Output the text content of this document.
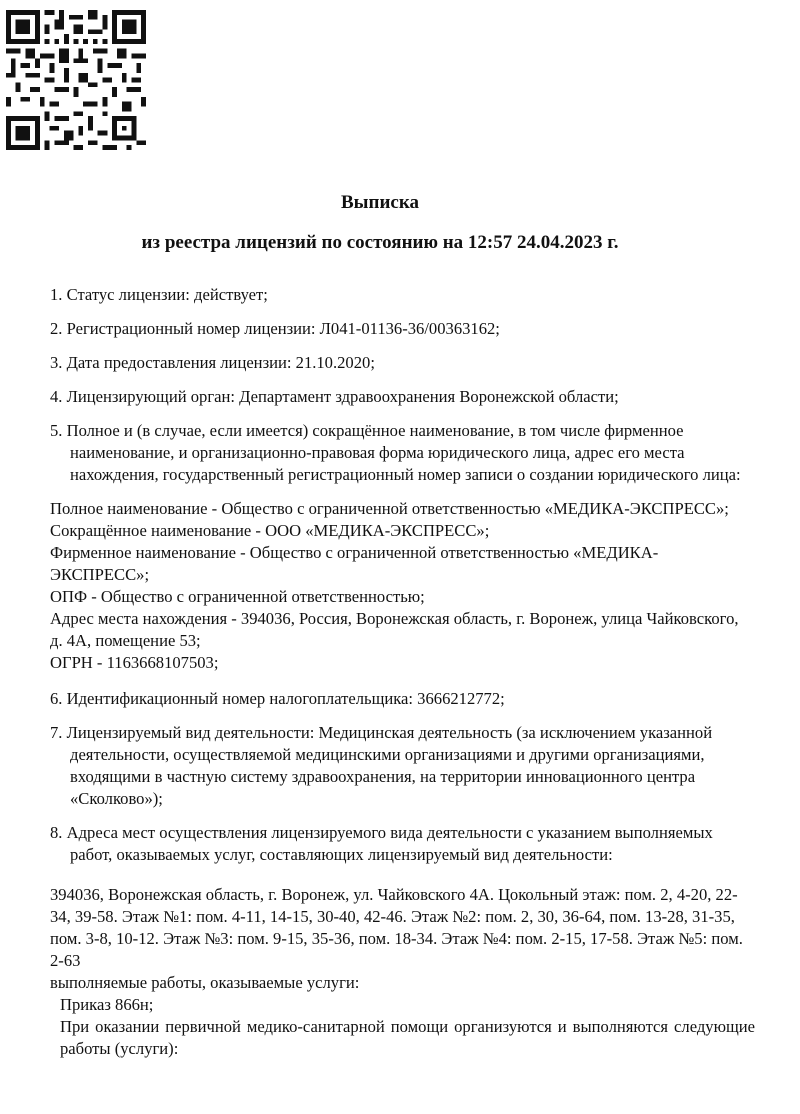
Выписка
из реестра лицензий по состоянию на 12:57 24.04.2023 г.
1. Статус лицензии: действует;
2. Регистрационный номер лицензии: Л041-01136-36/00363162;
3. Дата предоставления лицензии: 21.10.2020;
4. Лицензирующий орган: Департамент здравоохранения Воронежской области;
5. Полное и (в случае, если имеется) сокращённое наименование, в том числе фирменное наименование, и организационно-правовая форма юридического лица, адрес его места нахождения, государственный регистрационный номер записи о создании юридического лица:
Полное наименование - Общество с ограниченной ответственностью «МЕДИКА-ЭКСПРЕСС»;
Сокращённое наименование - ООО «МЕДИКА-ЭКСПРЕСС»;
Фирменное наименование - Общество с ограниченной ответственностью «МЕДИКА-ЭКСПРЕСС»;
ОПФ - Общество с ограниченной ответственностью;
Адрес места нахождения - 394036, Россия, Воронежская область, г. Воронеж, улица Чайковского, д. 4А, помещение 53;
ОГРН - 1163668107503;
6. Идентификационный номер налогоплательщика: 3666212772;
7. Лицензируемый вид деятельности: Медицинская деятельность (за исключением указанной деятельности, осуществляемой медицинскими организациями и другими организациями, входящими в частную систему здравоохранения, на территории инновационного центра «Сколково»);
8. Адреса мест осуществления лицензируемого вида деятельности с указанием выполняемых работ, оказываемых услуг, составляющих лицензируемый вид деятельности:
394036, Воронежская область, г. Воронеж, ул. Чайковского 4А. Цокольный этаж: пом. 2, 4-20, 22-34, 39-58. Этаж №1: пом. 4-11, 14-15, 30-40, 42-46. Этаж №2: пом. 2, 30, 36-64, пом. 13-28, 31-35, пом. 3-8, 10-12. Этаж №3: пом. 9-15, 35-36, пом. 18-34. Этаж №4: пом. 2-15, 17-58. Этаж №5: пом. 2-63
выполняемые работы, оказываемые услуги:
Приказ 866н;
При оказании первичной медико-санитарной помощи организуются и выполняются следующие работы (услуги):
